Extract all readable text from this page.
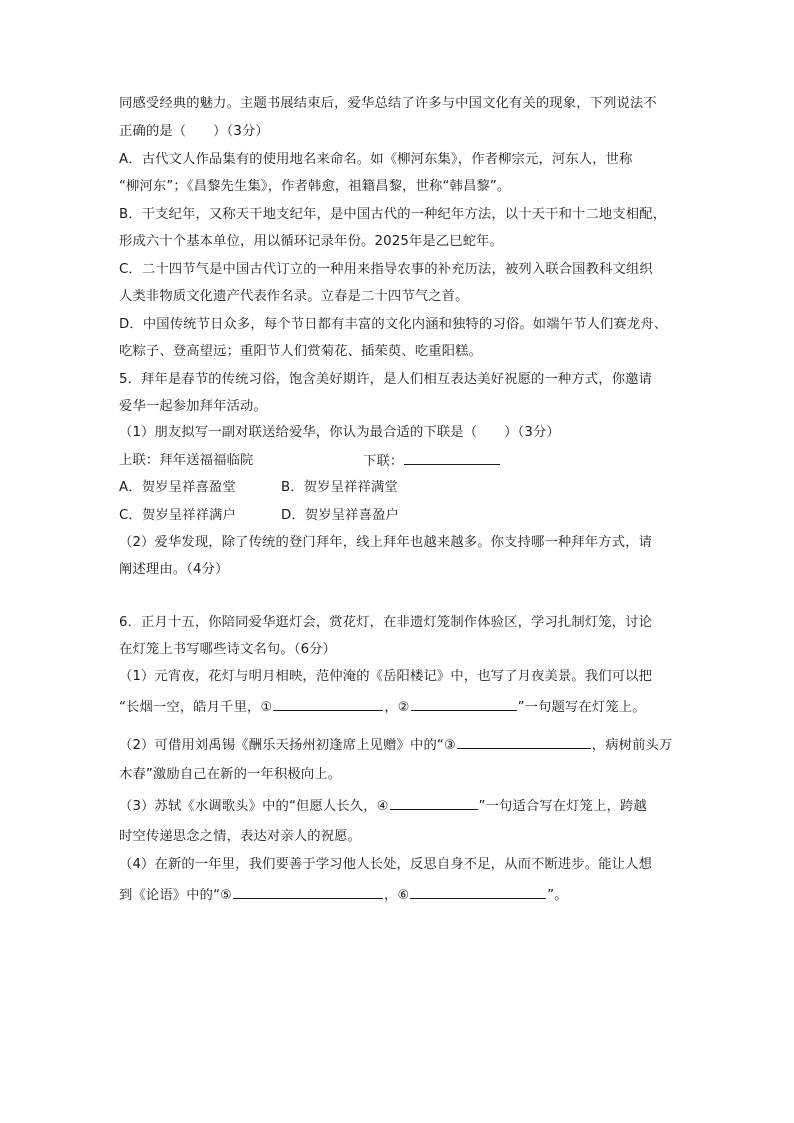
同感受经典的魅力。主题书展结束后，爱华总结了许多与中国文化有关的现象，下列说法不
正确的是（　　）（3分）
A．古代文人作品集有的使用地名来命名。如《柳河东集》，作者柳宗元，河东人，世称
“柳河东”；《昌黎先生集》，作者韩愈，祖籍昌黎，世称“韩昌黎”。
B．干支纪年，又称天干地支纪年，是中国古代的一种纪年方法，以十天干和十二地支相配，
形成六十个基本单位，用以循环记录年份。2025年是乙巳蛇年。
C．二十四节气是中国古代订立的一种用来指导农事的补充历法，被列入联合国教科文组织
人类非物质文化遗产代表作名录。立春是二十四节气之首。
D．中国传统节日众多，每个节日都有丰富的文化内涵和独特的习俗。如端午节人们赛龙舟、
吃粽子、登高望远；重阳节人们赏菊花、插茱萸、吃重阳糕。
5．拜年是春节的传统习俗，饱含美好期许，是人们相互表达美好祝愿的一种方式，你邀请
爱华一起参加拜年活动。
（1）朋友拟写一副对联送给爱华，你认为最合适的下联是（　　）（3分）
上联：拜年送福福临院	下联：
A．贺岁呈祥喜盈堂	B．贺岁呈祥祥满堂
C．贺岁呈祥祥满户	D．贺岁呈祥喜盈户
（2）爱华发现，除了传统的登门拜年，线上拜年也越来越多。你支持哪一种拜年方式，请
阐述理由。（4分）
6．正月十五，你陪同爱华逛灯会，赏花灯，在非遗灯笼制作体验区，学习扎制灯笼，讨论
在灯笼上书写哪些诗文名句。（6分）
（1）元宵夜，花灯与明月相映，范仲淹的《岳阳楼记》中，也写了月夜美景。我们可以把
“长烟一空，皓月千里，①	，②	”一句题写在灯笼上。
（2）可借用刘禹锡《酬乐天扬州初逢席上见赠》中的“③	，病树前头万
木春”激励自己在新的一年积极向上。
（3）苏轼《水调歌头》中的“但愿人长久，④	”一句适合写在灯笼上，跨越
时空传递思念之情，表达对亲人的祝愿。
（4）在新的一年里，我们要善于学习他人长处，反思自身不足，从而不断进步。能让人想
到《论语》中的“⑤	，⑥	”。
